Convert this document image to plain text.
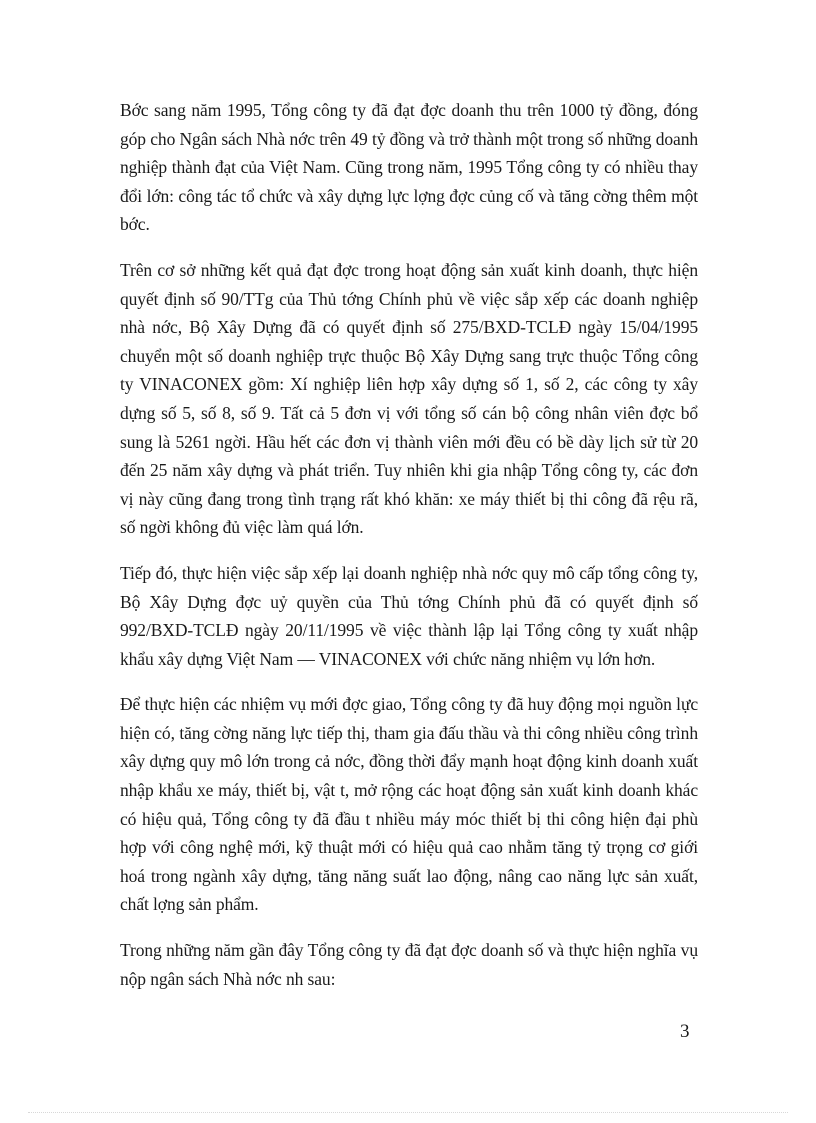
Bớc sang năm 1995, Tổng công ty đã đạt đợc doanh thu trên 1000 tỷ đồng, đóng góp cho Ngân sách Nhà nớc trên 49 tỷ đồng và trở thành một trong số những doanh nghiệp thành đạt của Việt Nam. Cũng trong năm, 1995 Tổng công ty có nhiều thay đổi lớn: công tác tổ chức và xây dựng lực lợng đợc củng cố và tăng cờng thêm một bớc.

Trên cơ sở những kết quả đạt đợc trong hoạt động sản xuất kinh doanh, thực hiện quyết định số 90/TTg của Thủ tớng Chính phủ về việc sắp xếp các doanh nghiệp nhà nớc, Bộ Xây Dựng đã có quyết định số 275/BXD-TCLĐ ngày 15/04/1995 chuyển một số doanh nghiệp trực thuộc Bộ Xây Dựng sang trực thuộc Tổng công ty VINACONEX gồm: Xí nghiệp liên hợp xây dựng số 1, số 2, các công ty xây dựng số 5, số 8, số 9. Tất cả 5 đơn vị với tổng số cán bộ công nhân viên đợc bổ sung là 5261 ngời. Hầu hết các đơn vị thành viên mới đều có bề dày lịch sử từ 20 đến 25 năm xây dựng và phát triển. Tuy nhiên khi gia nhập Tổng công ty, các đơn vị này cũng đang trong tình trạng rất khó khăn: xe máy thiết bị thi công đã rệu rã, số ngời không đủ việc làm quá lớn.

Tiếp đó, thực hiện việc sắp xếp lại doanh nghiệp nhà nớc quy mô cấp tổng công ty, Bộ Xây Dựng đợc uỷ quyền của Thủ tớng Chính phủ đã có quyết định số 992/BXD-TCLĐ ngày 20/11/1995 về việc thành lập lại Tổng công ty xuất nhập khẩu xây dựng Việt Nam — VINACONEX với chức năng nhiệm vụ lớn hơn.

Để thực hiện các nhiệm vụ mới đợc giao, Tổng công ty đã huy động mọi nguồn lực hiện có, tăng cờng năng lực tiếp thị, tham gia đấu thầu và thi công nhiều công trình xây dựng quy mô lớn trong cả nớc, đồng thời đẩy mạnh hoạt động kinh doanh xuất nhập khẩu xe máy, thiết bị, vật t, mở rộng các hoạt động sản xuất kinh doanh khác có hiệu quả, Tổng công ty đã đầu t nhiều máy móc thiết bị thi công hiện đại phù hợp với công nghệ mới, kỹ thuật mới có hiệu quả cao nhằm tăng tỷ trọng cơ giới hoá trong ngành xây dựng, tăng năng suất lao động, nâng cao năng lực sản xuất, chất lợng sản phẩm.

Trong những năm gần đây Tổng công ty đã đạt đợc doanh số và thực hiện nghĩa vụ nộp ngân sách Nhà nớc nh sau:

3
